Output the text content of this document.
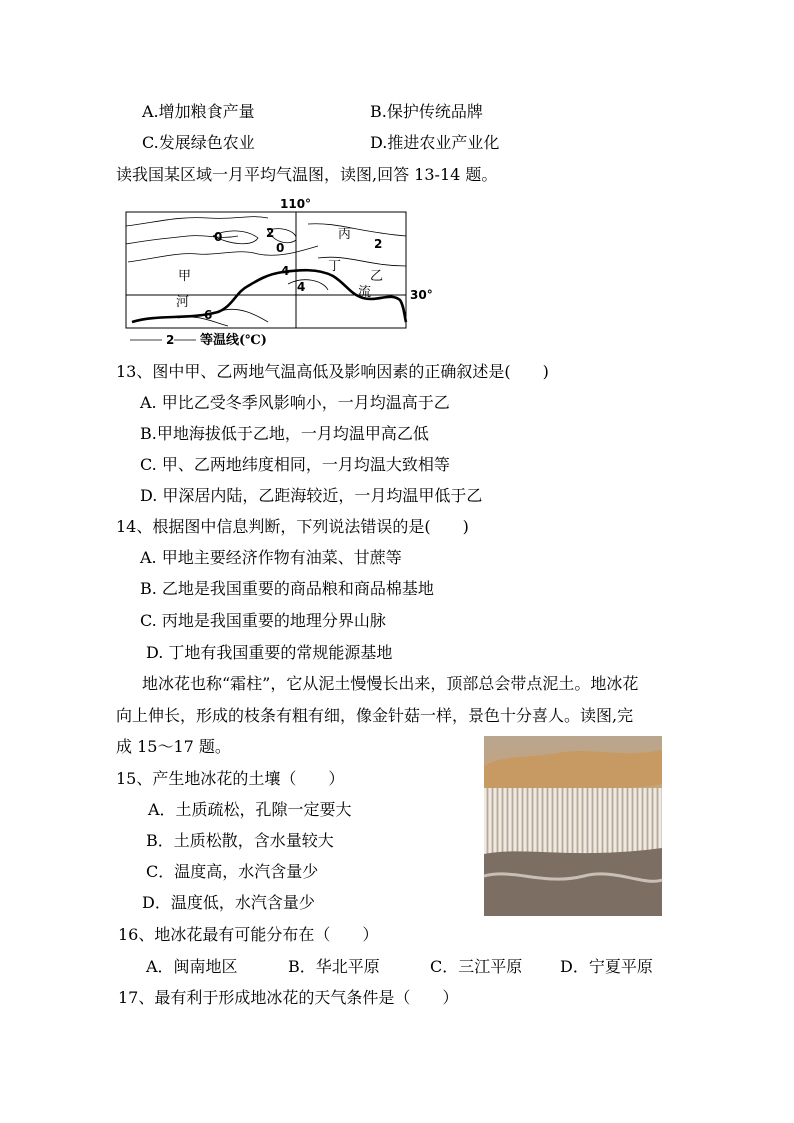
A.增加粮食产量	B.保护传统品牌
C.发展绿色农业	D.推进农业产业化
读我国某区域一月平均气温图，读图,回答 13-14 题。
110°
30°
0	2
0	2
4
4
6
甲	乙
丙
丁
河
流
2 等温线(℃)
13、图中甲、乙两地气温高低及影响因素的正确叙述是(　　)
A. 甲比乙受冬季风影响小，一月均温高于乙
B.甲地海拔低于乙地，一月均温甲高乙低
C. 甲、乙两地纬度相同，一月均温大致相等
D. 甲深居内陆，乙距海较近，一月均温甲低于乙
14、根据图中信息判断，下列说法错误的是(　　)
A. 甲地主要经济作物有油菜、甘蔗等
B. 乙地是我国重要的商品粮和商品棉基地
C. 丙地是我国重要的地理分界山脉
D. 丁地有我国重要的常规能源基地
地冰花也称“霜柱”，它从泥土慢慢长出来，顶部总会带点泥土。地冰花
向上伸长，形成的枝条有粗有细，像金针菇一样，景色十分喜人。读图,完
成 15～17 题。
15、产生地冰花的土壤（　　）
A．土质疏松，孔隙一定要大
B．土质松散，含水量较大
C．温度高，水汽含量少
D．温度低，水汽含量少
16、地冰花最有可能分布在（　　）
A．闽南地区	B．华北平原	C．三江平原 D．宁夏平原
17、最有利于形成地冰花的天气条件是（　　）
